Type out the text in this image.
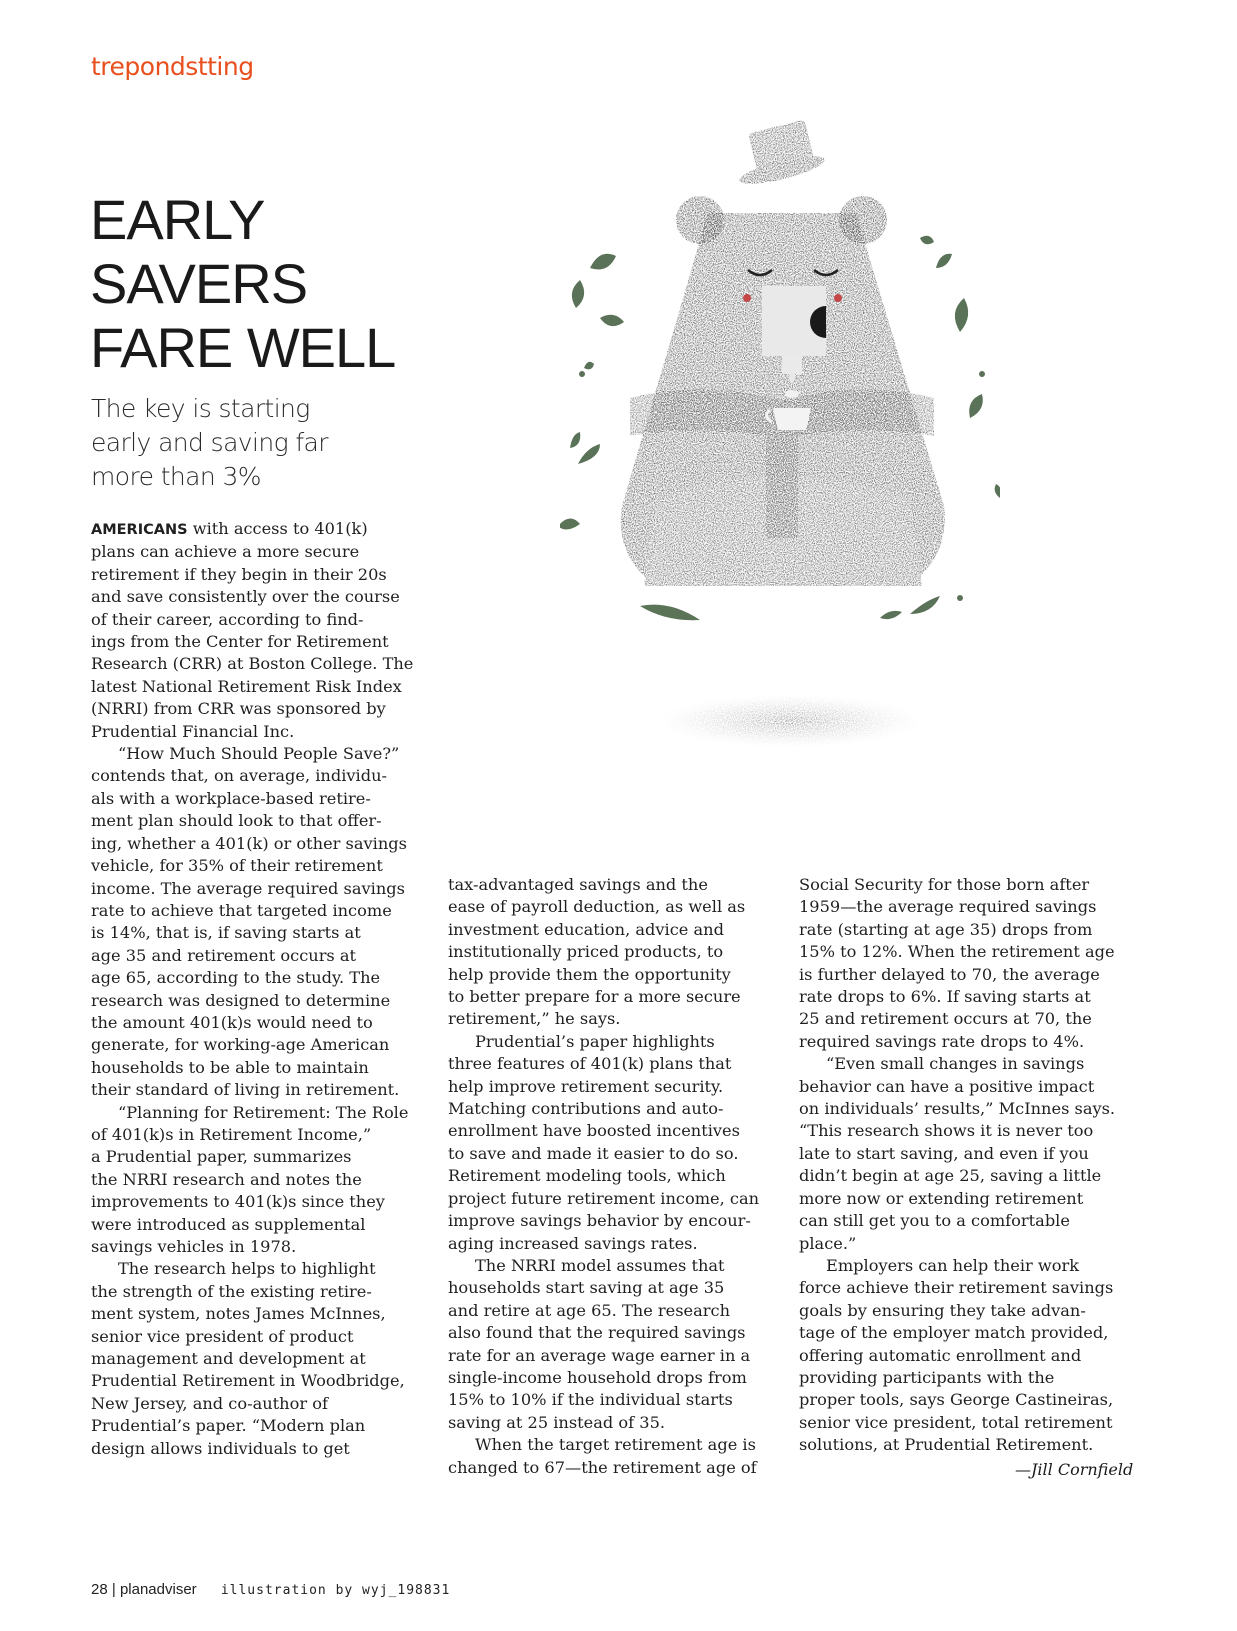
trepondstting
EARLY
SAVERS
FARE WELL

The key is starting
early and saving far
more than 3%

AMERICANS with access to 401(k)
plans can achieve a more secure
retirement if they begin in their 20s
and save consistently over the course
of their career, according to find-
ings from the Center for Retirement
Research (CRR) at Boston College. The
latest National Retirement Risk Index
(NRRI) from CRR was sponsored by
Prudential Financial Inc.
“How Much Should People Save?”
contends that, on average, individu-
als with a workplace-based retire-
ment plan should look to that offer-
ing, whether a 401(k) or other savings
vehicle, for 35% of their retirement
income. The average required savings
rate to achieve that targeted income
is 14%, that is, if saving starts at
age 35 and retirement occurs at
age 65, according to the study. The
research was designed to determine
the amount 401(k)s would need to
generate, for working-age American
households to be able to maintain
their standard of living in retirement.
“Planning for Retirement: The Role
of 401(k)s in Retirement Income,”
a Prudential paper, summarizes
the NRRI research and notes the
improvements to 401(k)s since they
were introduced as supplemental
savings vehicles in 1978.
The research helps to highlight
the strength of the existing retire-
ment system, notes James McInnes,
senior vice president of product
management and development at
Prudential Retirement in Woodbridge,
New Jersey, and co-author of
Prudential’s paper. “Modern plan
design allows individuals to get

tax-advantaged savings and the
ease of payroll deduction, as well as
investment education, advice and
institutionally priced products, to
help provide them the opportunity
to better prepare for a more secure
retirement,” he says.
Prudential’s paper highlights
three features of 401(k) plans that
help improve retirement security.
Matching contributions and auto-
enrollment have boosted incentives
to save and made it easier to do so.
Retirement modeling tools, which
project future retirement income, can
improve savings behavior by encour-
aging increased savings rates.
The NRRI model assumes that
households start saving at age 35
and retire at age 65. The research
also found that the required savings
rate for an average wage earner in a
single-income household drops from
15% to 10% if the individual starts
saving at 25 instead of 35.
When the target retirement age is
changed to 67—the retirement age of

Social Security for those born after
1959—the average required savings
rate (starting at age 35) drops from
15% to 12%. When the retirement age
is further delayed to 70, the average
rate drops to 6%. If saving starts at
25 and retirement occurs at 70, the
required savings rate drops to 4%.
“Even small changes in savings
behavior can have a positive impact
on individuals’ results,” McInnes says.
“This research shows it is never too
late to start saving, and even if you
didn’t begin at age 25, saving a little
more now or extending retirement
can still get you to a comfortable
place.”
Employers can help their work
force achieve their retirement savings
goals by ensuring they take advan-
tage of the employer match provided,
offering automatic enrollment and
providing participants with the
proper tools, says George Castineiras,
senior vice president, total retirement
solutions, at Prudential Retirement.

—Jill Cornfield

28 | planadviser illustration by wyj_198831
